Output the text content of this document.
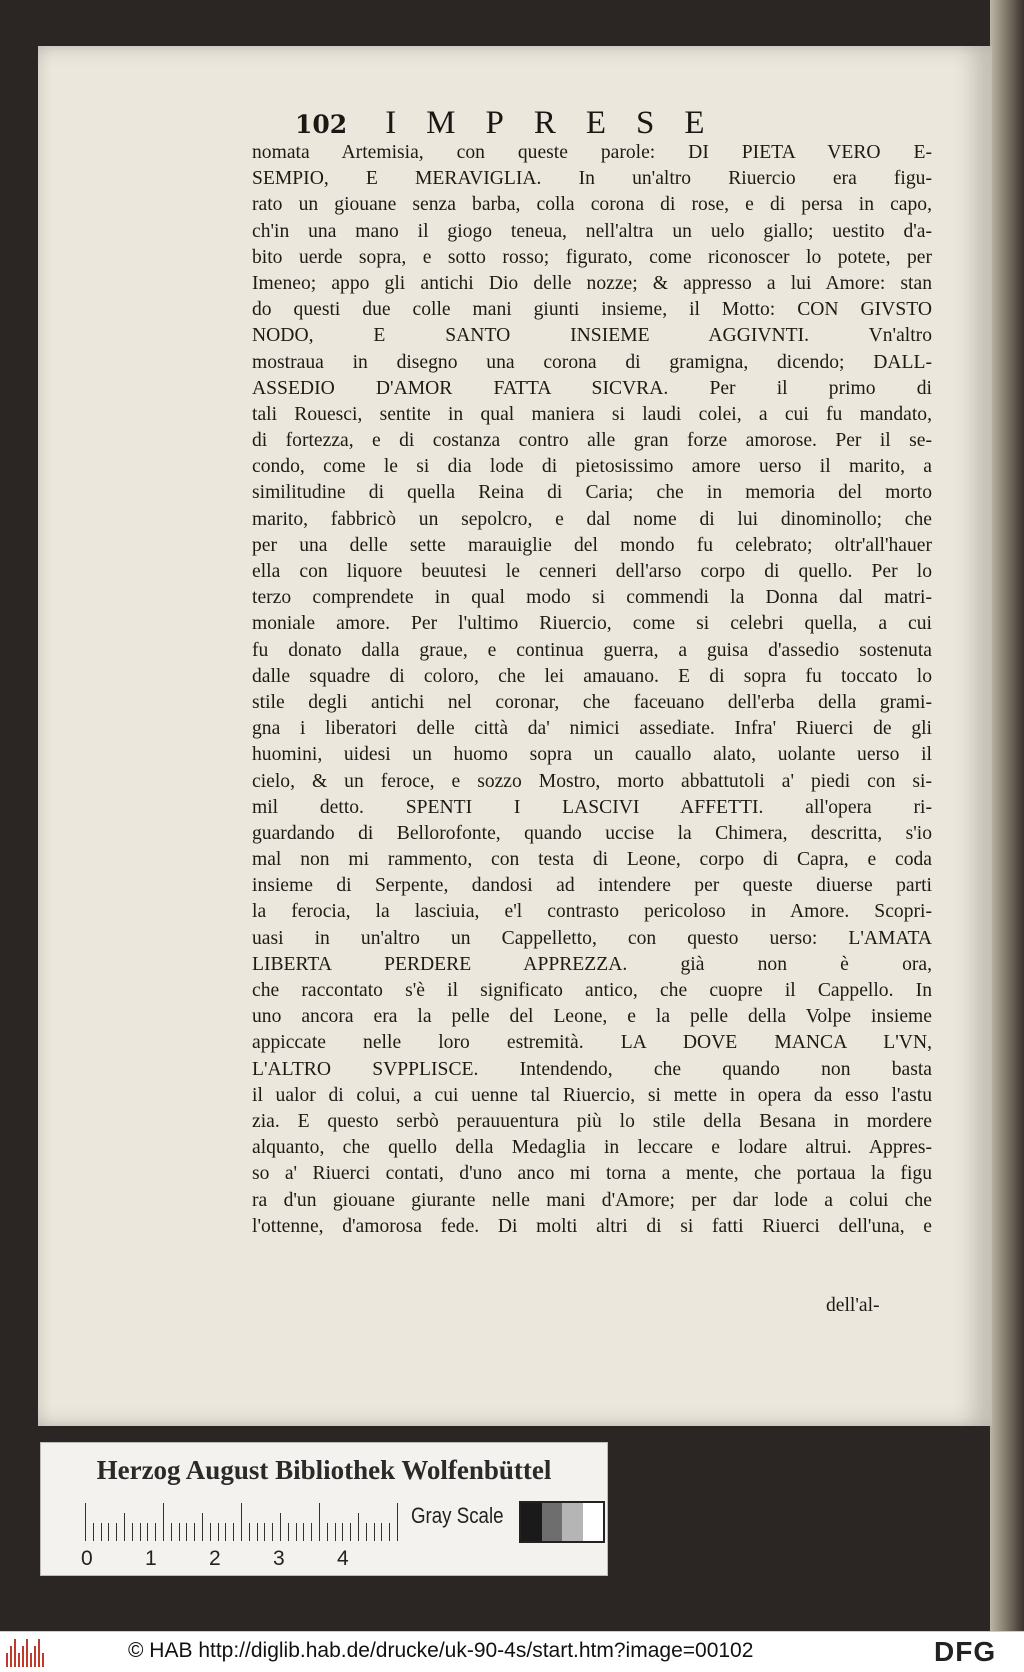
102 IMPRESE
nomata Artemisia, con queste parole: DI PIETA VERO E-
SEMPIO, E MERAVIGLIA. In un'altro Riuercio era figu-
rato un giouane senza barba, colla corona di rose, e di persa in capo,
ch'in una mano il giogo teneua, nell'altra un uelo giallo; uestito d'a-
bito uerde sopra, e sotto rosso; figurato, come riconoscer lo potete, per
Imeneo; appo gli antichi Dio delle nozze; & appresso a lui Amore: stan
do questi due colle mani giunti insieme, il Motto: CON GIVSTO
NODO, E SANTO INSIEME AGGIVNTI. Vn'altro
mostraua in disegno una corona di gramigna, dicendo; DALL-
ASSEDIO D'AMOR FATTA SICVRA. Per il primo di
tali Rouesci, sentite in qual maniera si laudi colei, a cui fu mandato,
di fortezza, e di costanza contro alle gran forze amorose. Per il se-
condo, come le si dia lode di pietosissimo amore uerso il marito, a
similitudine di quella Reina di Caria; che in memoria del morto
marito, fabbricò un sepolcro, e dal nome di lui dinominollo; che
per una delle sette marauiglie del mondo fu celebrato; oltr'all'hauer
ella con liquore beuutesi le cenneri dell'arso corpo di quello. Per lo
terzo comprendete in qual modo si commendi la Donna dal matri-
moniale amore. Per l'ultimo Riuercio, come si celebri quella, a cui
fu donato dalla graue, e continua guerra, a guisa d'assedio sostenuta
dalle squadre di coloro, che lei amauano. E di sopra fu toccato lo
stile degli antichi nel coronar, che faceuano dell'erba della grami-
gna i liberatori delle città da' nimici assediate. Infra' Riuerci de gli
huomini, uidesi un huomo sopra un cauallo alato, uolante uerso il
cielo, & un feroce, e sozzo Mostro, morto abbattutoli a' piedi con si-
mil detto. SPENTI I LASCIVI AFFETTI. all'opera ri-
guardando di Bellorofonte, quando uccise la Chimera, descritta, s'io
mal non mi rammento, con testa di Leone, corpo di Capra, e coda
insieme di Serpente, dandosi ad intendere per queste diuerse parti
la ferocia, la lasciuia, e'l contrasto pericoloso in Amore. Scopri-
uasi in un'altro un Cappelletto, con questo uerso: L'AMATA
LIBERTA PERDERE APPREZZA. già non è ora,
che raccontato s'è il significato antico, che cuopre il Cappello. In
uno ancora era la pelle del Leone, e la pelle della Volpe insieme
appiccate nelle loro estremità. LA DOVE MANCA L'VN,
L'ALTRO SVPPLISCE. Intendendo, che quando non basta
il ualor di colui, a cui uenne tal Riuercio, si mette in opera da esso l'astu
zia. E questo serbò perauuentura più lo stile della Besana in mordere
alquanto, che quello della Medaglia in leccare e lodare altrui. Appres-
so a' Riuerci contati, d'uno anco mi torna a mente, che portaua la figu
ra d'un giouane giurante nelle mani d'Amore; per dar lode a colui che
l'ottenne, d'amorosa fede. Di molti altri di si fatti Riuerci dell'una, e
dell'al-
Herzog August Bibliothek Wolfenbüttel
0 1 2 3 4
Gray Scale
© HAB http://diglib.hab.de/drucke/uk-90-4s/start.htm?image=00102	DFG
